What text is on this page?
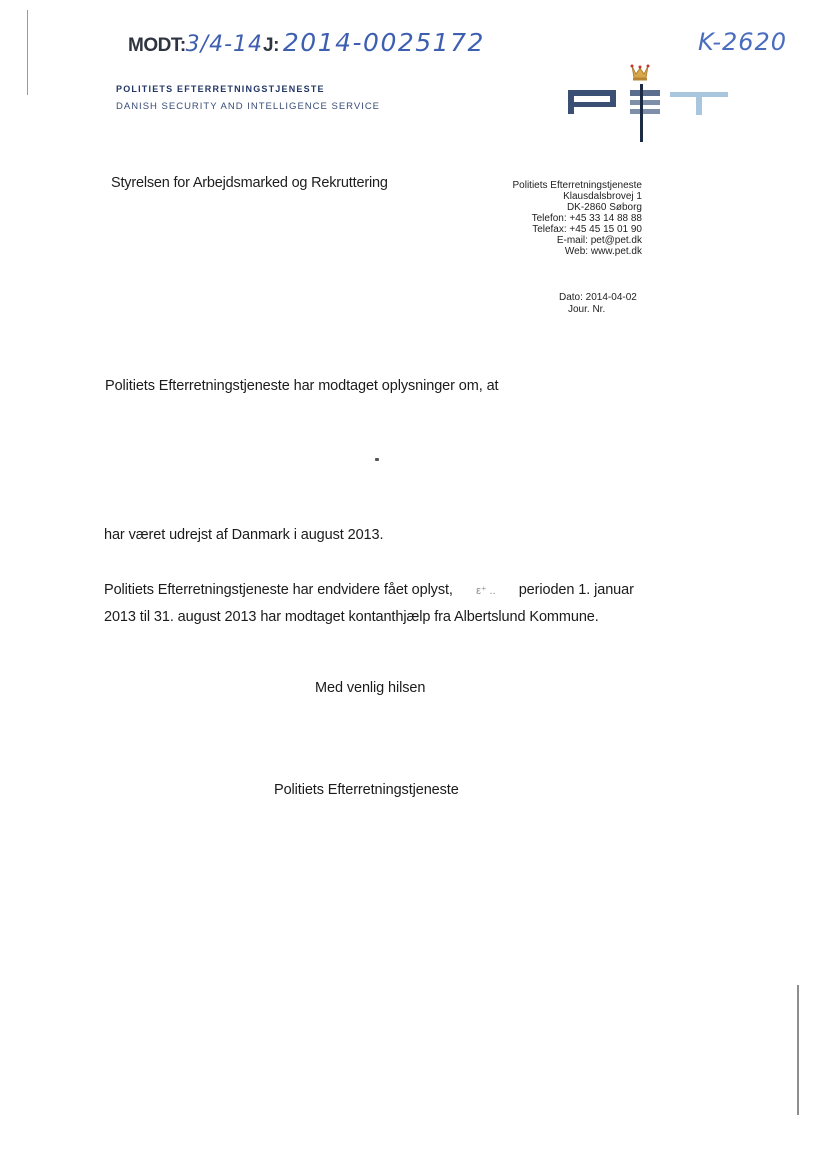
MODT: 3/4-14 J: 2014-0025172	K-2620
POLITIETS EFTERRETNINGSTJENESTE
DANISH SECURITY AND INTELLIGENCE SERVICE
Styrelsen for Arbejdsmarked og Rekruttering	Politiets Efterretningstjeneste
Klausdalsbrovej 1
DK-2860 Søborg
Telefon: +45 33 14 88 88
Telefax: +45 45 15 01 90
E-mail: pet@pet.dk
Web: www.pet.dk
Dato: 2014-04-02
Jour. Nr.
Politiets Efterretningstjeneste har modtaget oplysninger om, at
har været udrejst af Danmark i august 2013.
Politiets Efterretningstjeneste har endvidere fået oplyst, ε⁺ .. perioden 1. januar
2013 til 31. august 2013 har modtaget kontanthjælp fra Albertslund Kommune.
Med venlig hilsen
Politiets Efterretningstjeneste
